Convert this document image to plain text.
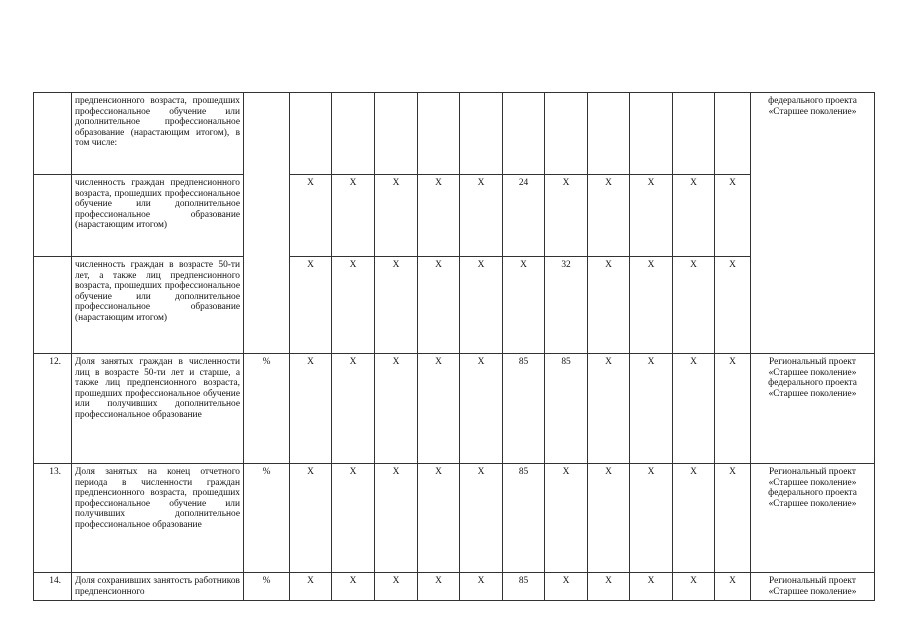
	предпенсионного возраста, прошедших профессиональное обучение или дополнительное профессиональное образование (нарастающим итогом), в том числе:													федерального проекта «Старшее поколение»
	численность граждан предпенсионного возраста, прошедших профессиональное обучение или дополнительное профессиональное образование (нарастающим итогом)		Х	Х	Х	Х	Х	24	Х	Х	Х	Х	Х	
	численность граждан в возрасте 50-ти лет, а также лиц предпенсионного возраста, прошедших профессиональное обучение или дополнительное профессиональное образование (нарастающим итогом)		Х	Х	Х	Х	Х	Х	32	Х	Х	Х	Х	
12.	Доля занятых граждан в численности лиц в возрасте 50-ти лет и старше, а также лиц предпенсионного возраста, прошедших профессиональное обучение или получивших дополнительное профессиональное образование	%	Х	Х	Х	Х	Х	85	85	Х	Х	Х	Х	Региональный проект «Старшее поколение» федерального проекта «Старшее поколение»
13.	Доля занятых на конец отчетного периода в численности граждан предпенсионного возраста, прошедших профессиональное обучение или получивших дополнительное профессиональное образование	%	Х	Х	Х	Х	Х	85	Х	Х	Х	Х	Х	Региональный проект «Старшее поколение» федерального проекта «Старшее поколение»
14.	Доля сохранивших занятость работников предпенсионного	%	Х	Х	Х	Х	Х	85	Х	Х	Х	Х	Х	Региональный проект «Старшее поколение»
